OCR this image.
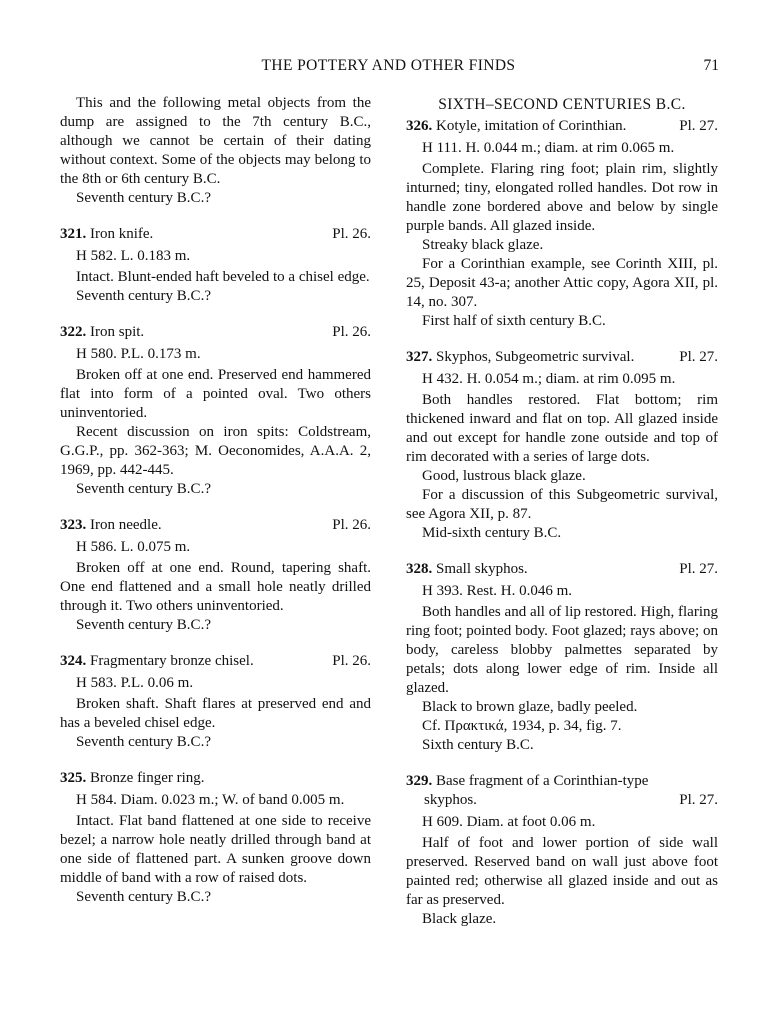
THE POTTERY AND OTHER FINDS	71

This and the following metal objects from the dump are assigned to the 7th century B.C., although we cannot be certain of their dating without context. Some of the objects may belong to the 8th or 6th century B.C.

Seventh century B.C.?

321. Iron knife.	Pl. 26.
H 582. L. 0.183 m.

Intact. Blunt-ended haft beveled to a chisel edge.

Seventh century B.C.?

322. Iron spit.	Pl. 26.
H 580. P.L. 0.173 m.

Broken off at one end. Preserved end hammered flat into form of a pointed oval. Two others uninventoried.

Recent discussion on iron spits: Coldstream, G.G.P., pp. 362-363; M. Oeconomides, A.A.A. 2, 1969, pp. 442-445.

Seventh century B.C.?

323. Iron needle.	Pl. 26.
H 586. L. 0.075 m.

Broken off at one end. Round, tapering shaft. One end flattened and a small hole neatly drilled through it. Two others uninventoried.

Seventh century B.C.?

324. Fragmentary bronze chisel.	Pl. 26.
H 583. P.L. 0.06 m.

Broken shaft. Shaft flares at preserved end and has a beveled chisel edge.

Seventh century B.C.?

325. Bronze finger ring.
H 584. Diam. 0.023 m.; W. of band 0.005 m.

Intact. Flat band flattened at one side to receive bezel; a narrow hole neatly drilled through band at one side of flattened part. A sunken groove down middle of band with a row of raised dots.

Seventh century B.C.?

SIXTH–SECOND CENTURIES B.C.
326. Kotyle, imitation of Corinthian.	Pl. 27.
H 111. H. 0.044 m.; diam. at rim 0.065 m.

Complete. Flaring ring foot; plain rim, slightly inturned; tiny, elongated rolled handles. Dot row in handle zone bordered above and below by single purple bands. All glazed inside.

Streaky black glaze.

For a Corinthian example, see Corinth XIII, pl. 25, Deposit 43-a; another Attic copy, Agora XII, pl. 14, no. 307.

First half of sixth century B.C.

327. Skyphos, Subgeometric survival.	Pl. 27.
H 432. H. 0.054 m.; diam. at rim 0.095 m.

Both handles restored. Flat bottom; rim thickened inward and flat on top. All glazed inside and out except for handle zone outside and top of rim decorated with a series of large dots.

Good, lustrous black glaze.

For a discussion of this Subgeometric survival, see Agora XII, p. 87.

Mid-sixth century B.C.

328. Small skyphos.	Pl. 27.
H 393. Rest. H. 0.046 m.

Both handles and all of lip restored. High, flaring ring foot; pointed body. Foot glazed; rays above; on body, careless blobby palmettes separated by petals; dots along lower edge of rim. Inside all glazed.

Black to brown glaze, badly peeled.

Cf. Πρακτικά, 1934, p. 34, fig. 7.

Sixth century B.C.

329. Base fragment of a Corinthian-type
skyphos.	Pl. 27.
H 609. Diam. at foot 0.06 m.

Half of foot and lower portion of side wall preserved. Reserved band on wall just above foot painted red; otherwise all glazed inside and out as far as preserved.

Black glaze.
